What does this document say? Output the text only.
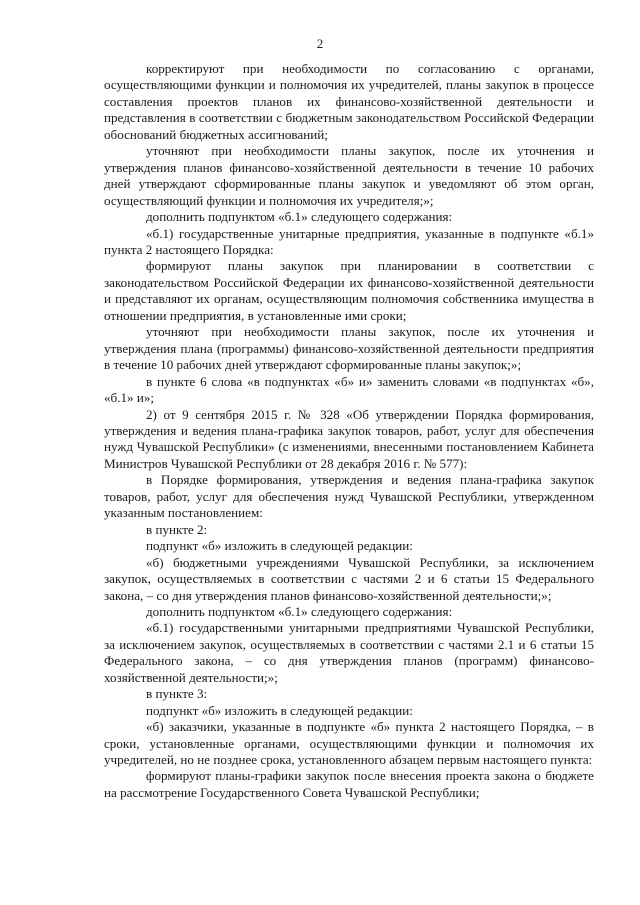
2

корректируют при необходимости по согласованию с органами, осуществляющими функции и полномочия их учредителей, планы закупок в процессе составления проектов планов их финансово-хозяйственной деятельности и представления в соответствии с бюджетным законодательством Российской Федерации обоснований бюджетных ассигнований;

уточняют при необходимости планы закупок, после их уточнения и утверждения планов финансово-хозяйственной деятельности в течение 10 рабочих дней утверждают сформированные планы закупок и уведомляют об этом орган, осуществляющий функции и полномочия их учредителя;»;

дополнить подпунктом «б.1» следующего содержания:

«б.1) государственные унитарные предприятия, указанные в подпункте «б.1» пункта 2 настоящего Порядка:

формируют планы закупок при планировании в соответствии с законодательством Российской Федерации их финансово-хозяйственной деятельности и представляют их органам, осуществляющим полномочия собственника имущества в отношении предприятия, в установленные ими сроки;

уточняют при необходимости планы закупок, после их уточнения и утверждения плана (программы) финансово-хозяйственной деятельности предприятия в течение 10 рабочих дней утверждают сформированные планы закупок;»;

в пункте 6 слова «в подпунктах «б» и» заменить словами «в подпунктах «б», «б.1» и»;

2) от 9 сентября 2015 г. № 328 «Об утверждении Порядка формирования, утверждения и ведения плана-графика закупок товаров, работ, услуг для обеспечения нужд Чувашской Республики» (с изменениями, внесенными постановлением Кабинета Министров Чувашской Республики от 28 декабря 2016 г. № 577):

в Порядке формирования, утверждения и ведения плана-графика закупок товаров, работ, услуг для обеспечения нужд Чувашской Республики, утвержденном указанным постановлением:

в пункте 2:

подпункт «б» изложить в следующей редакции:

«б) бюджетными учреждениями Чувашской Республики, за исключением закупок, осуществляемых в соответствии с частями 2 и 6 статьи 15 Федерального закона, – со дня утверждения планов финансово-хозяйственной деятельности;»;

дополнить подпунктом «б.1» следующего содержания:

«б.1) государственными унитарными предприятиями Чувашской Республики, за исключением закупок, осуществляемых в соответствии с частями 2.1 и 6 статьи 15 Федерального закона, – со дня утверждения планов (программ) финансово-хозяйственной деятельности;»;

в пункте 3:

подпункт «б» изложить в следующей редакции:

«б) заказчики, указанные в подпункте «б» пункта 2 настоящего Порядка, – в сроки, установленные органами, осуществляющими функции и полномочия их учредителей, но не позднее срока, установленного абзацем первым настоящего пункта:

формируют планы-графики закупок после внесения проекта закона о бюджете на рассмотрение Государственного Совета Чувашской Республики;
